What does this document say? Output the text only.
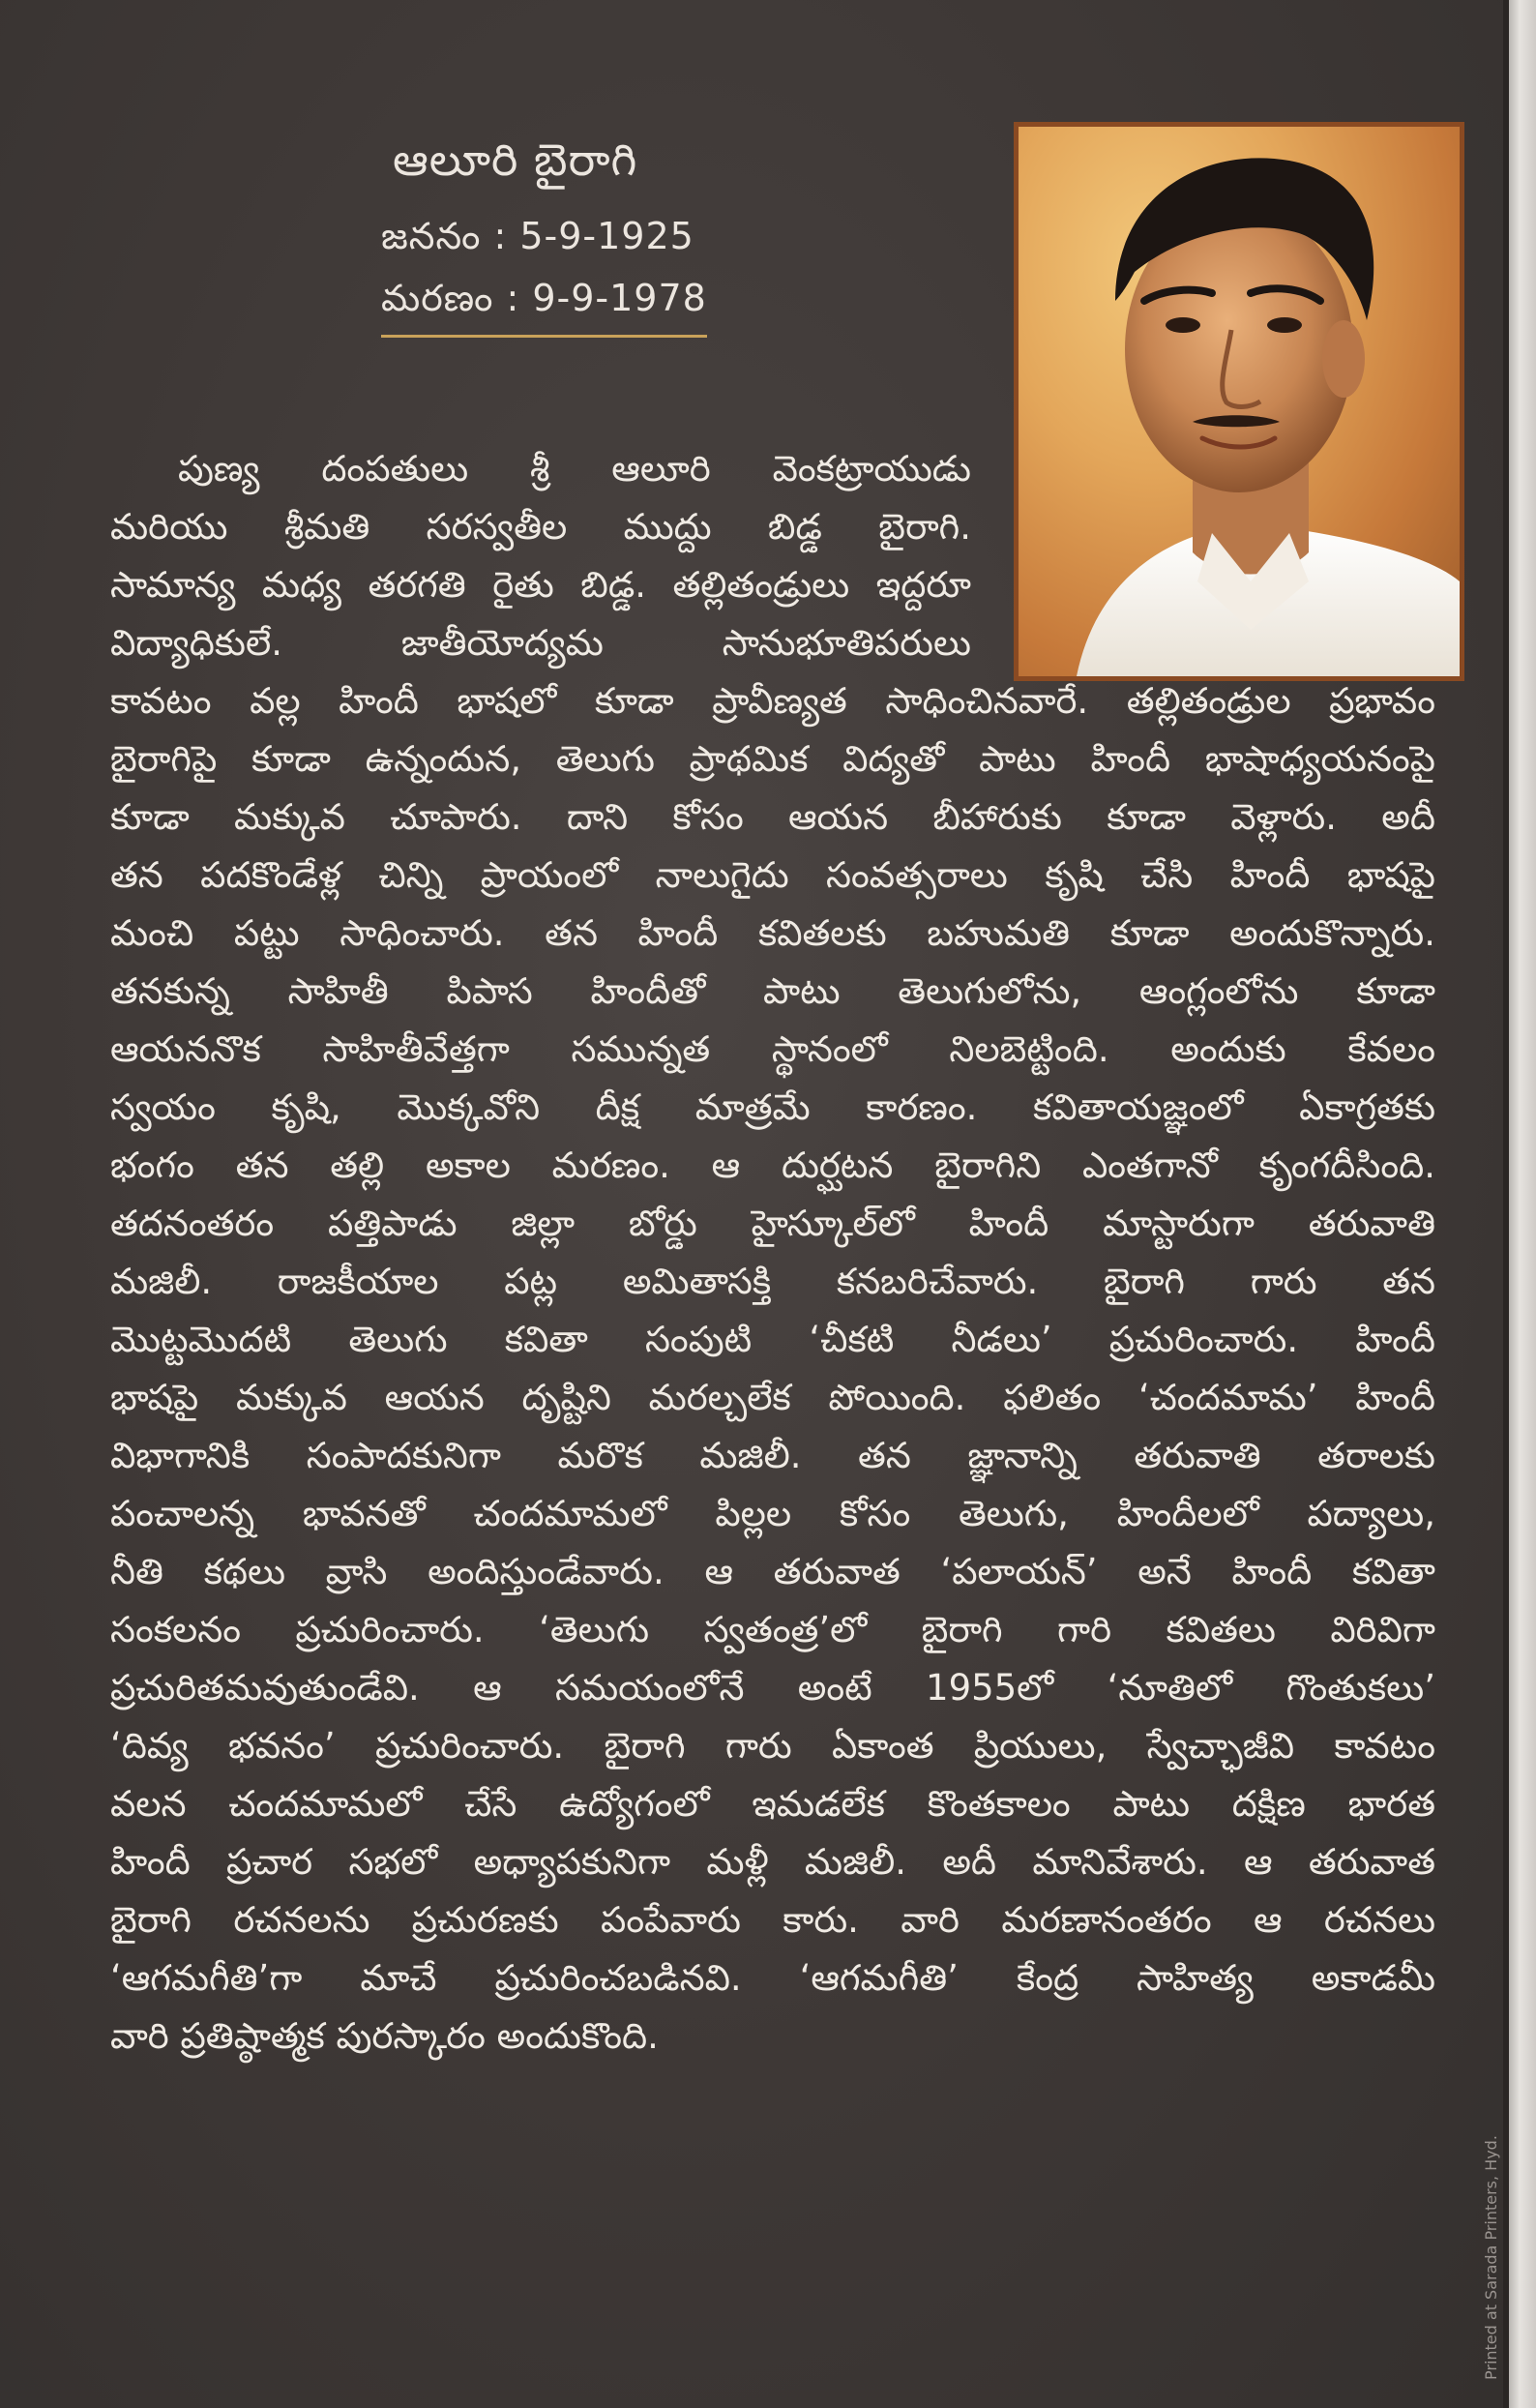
ఆలూరి బైరాగి
జననం : 5-9-1925
మరణం : 9-9-1978
పుణ్య దంపతులు శ్రీ ఆలూరి వెంకట్రాయుడు
మరియు శ్రీమతి సరస్వతీల ముద్దు బిడ్డ బైరాగి.
సామాన్య మధ్య తరగతి రైతు బిడ్డ. తల్లితండ్రులు ఇద్దరూ
విద్యాధికులే. జాతీయోద్యమ సానుభూతిపరులు
కావటం వల్ల హిందీ భాషలో కూడా ప్రావీణ్యత సాధించినవారే. తల్లితండ్రుల ప్రభావం
బైరాగిపై కూడా ఉన్నందున, తెలుగు ప్రాథమిక విద్యతో పాటు హిందీ భాషాధ్యయనంపై
కూడా మక్కువ చూపారు. దాని కోసం ఆయన బీహారుకు కూడా వెళ్లారు. అదీ
తన పదకొండేళ్ల చిన్ని ప్రాయంలో నాలుగైదు సంవత్సరాలు కృషి చేసి హిందీ భాషపై
మంచి పట్టు సాధించారు. తన హిందీ కవితలకు బహుమతి కూడా అందుకొన్నారు.
తనకున్న సాహితీ పిపాస హిందీతో పాటు తెలుగులోను, ఆంగ్లంలోను కూడా
ఆయననొక సాహితీవేత్తగా సమున్నత స్థానంలో నిలబెట్టింది. అందుకు కేవలం
స్వయం కృషి, మొక్కవోని దీక్ష మాత్రమే కారణం. కవితాయజ్ఞంలో ఏకాగ్రతకు
భంగం తన తల్లి అకాల మరణం. ఆ దుర్ఘటన బైరాగిని ఎంతగానో కృంగదీసింది.
తదనంతరం పత్తిపాడు జిల్లా బోర్డు హైస్కూల్‌లో హిందీ మాస్టారుగా తరువాతి
మజిలీ. రాజకీయాల పట్ల అమితాసక్తి కనబరిచేవారు. బైరాగి గారు తన
మొట్టమొదటి తెలుగు కవితా సంపుటి ‘చీకటి నీడలు’ ప్రచురించారు. హిందీ
భాషపై మక్కువ ఆయన దృష్టిని మరల్చలేక పోయింది. ఫలితం ‘చందమామ’ హిందీ
విభాగానికి సంపాదకునిగా మరొక మజిలీ. తన జ్ఞానాన్ని తరువాతి తరాలకు
పంచాలన్న భావనతో చందమామలో పిల్లల కోసం తెలుగు, హిందీలలో పద్యాలు,
నీతి కథలు వ్రాసి అందిస్తుండేవారు. ఆ తరువాత ‘పలాయన్’ అనే హిందీ కవితా
సంకలనం ప్రచురించారు. ‘తెలుగు స్వతంత్ర’లో బైరాగి గారి కవితలు విరివిగా
ప్రచురితమవుతుండేవి. ఆ సమయంలోనే అంటే 1955లో ‘నూతిలో గొంతుకలు’
‘దివ్య భవనం’ ప్రచురించారు. బైరాగి గారు ఏకాంత ప్రియులు, స్వేచ్ఛాజీవి కావటం
వలన చందమామలో చేసే ఉద్యోగంలో ఇమడలేక కొంతకాలం పాటు దక్షిణ భారత
హిందీ ప్రచార సభలో అధ్యాపకునిగా మళ్లీ మజిలీ. అదీ మానివేశారు. ఆ తరువాత
బైరాగి రచనలను ప్రచురణకు పంపేవారు కారు. వారి మరణానంతరం ఆ రచనలు
‘ఆగమగీతి’గా మాచే ప్రచురించబడినవి. ‘ఆగమగీతి’ కేంద్ర సాహిత్య అకాడమీ
వారి ప్రతిష్ఠాత్మక పురస్కారం అందుకొంది.
Printed at Sarada Printers, Hyd.
